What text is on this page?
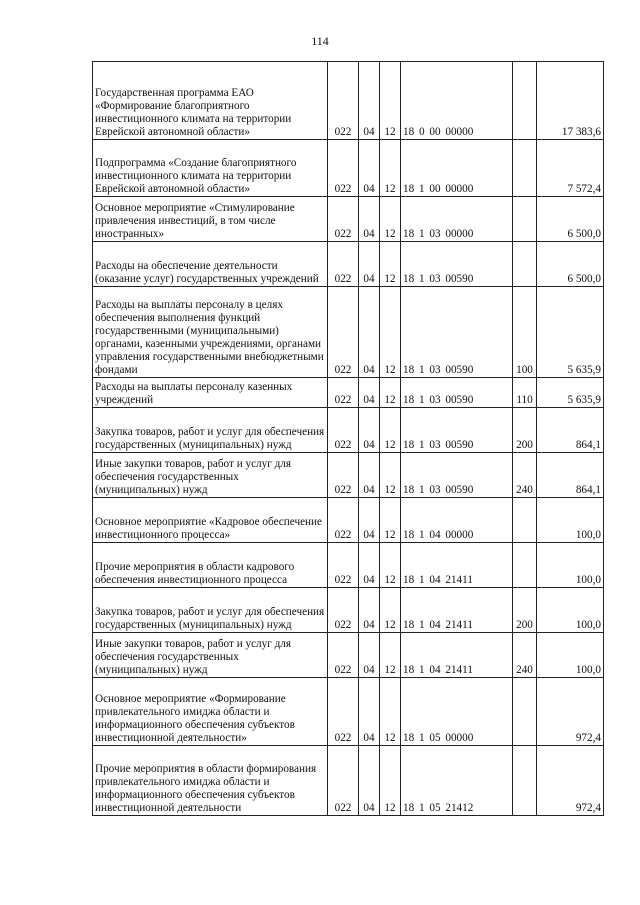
114
Государственная программа ЕАО «Формирование благоприятного инвестиционного климата на территории Еврейской автономной области»	022	04	12	18 0 00 00000		17 383,6
Подпрограмма «Создание благоприятного инвестиционного климата на территории Еврейской автономной области»	022	04	12	18 1 00 00000		7 572,4
Основное мероприятие «Стимулирование привлечения инвестиций, в том числе иностранных»	022	04	12	18 1 03 00000		6 500,0
Расходы на обеспечение деятельности (оказание услуг) государственных учреждений	022	04	12	18 1 03 00590		6 500,0
Расходы на выплаты персоналу в целях обеспечения выполнения функций государственными (муниципальными) органами, казенными учреждениями, органами управления государственными внебюджетными фондами	022	04	12	18 1 03 00590	100	5 635,9
Расходы на выплаты персоналу казенных учреждений	022	04	12	18 1 03 00590	110	5 635,9
Закупка товаров, работ и услуг для обеспечения государственных (муниципальных) нужд	022	04	12	18 1 03 00590	200	864,1
Иные закупки товаров, работ и услуг для обеспечения государственных (муниципальных) нужд	022	04	12	18 1 03 00590	240	864,1
Основное мероприятие «Кадровое обеспечение инвестиционного процесса»	022	04	12	18 1 04 00000		100,0
Прочие мероприятия в области кадрового обеспечения инвестиционного процесса	022	04	12	18 1 04 21411		100,0
Закупка товаров, работ и услуг для обеспечения государственных (муниципальных) нужд	022	04	12	18 1 04 21411	200	100,0
Иные закупки товаров, работ и услуг для обеспечения государственных (муниципальных) нужд	022	04	12	18 1 04 21411	240	100,0
Основное мероприятие «Формирование привлекательного имиджа области и информационного обеспечения субъектов инвестиционной деятельности»	022	04	12	18 1 05 00000		972,4
Прочие мероприятия в области формирования привлекательного имиджа области и информационного обеспечения субъектов инвестиционной деятельности	022	04	12	18 1 05 21412		972,4
